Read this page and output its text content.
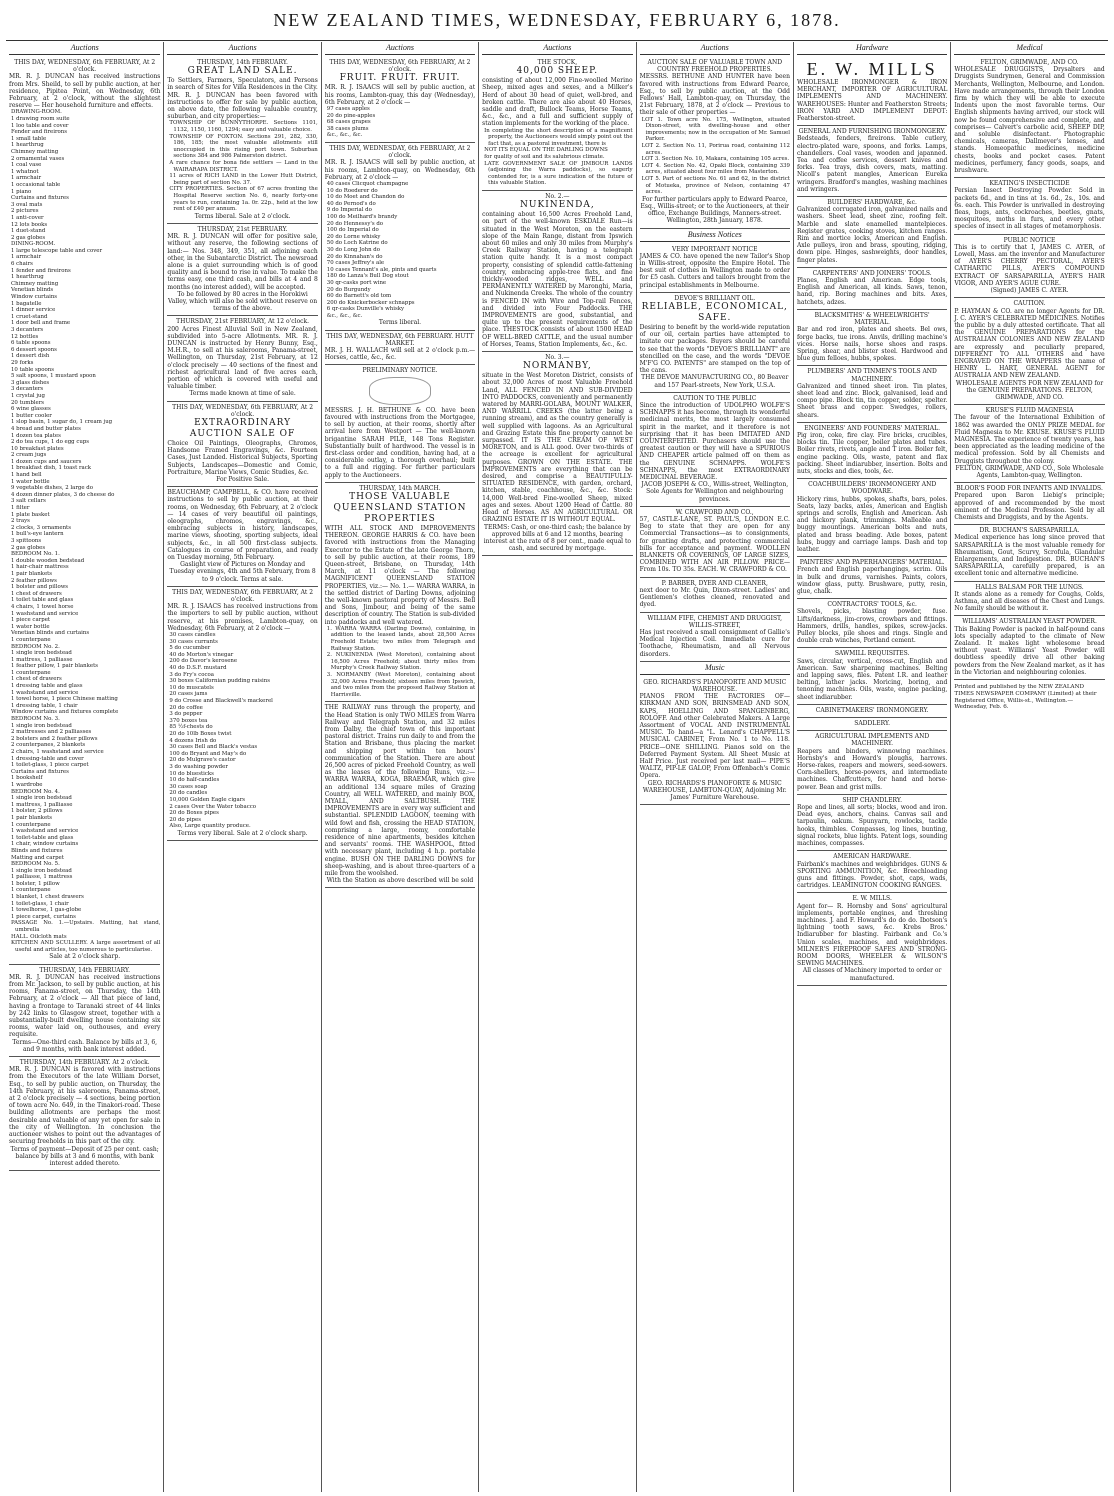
NEW ZEALAND TIMES, WEDNESDAY, FEBRUARY 6, 1878.
Auctions

THIS DAY, WEDNESDAY, 6th FEBRUARY, At 2 o'clock.

MR. R. J. DUNCAN has received instructions from Mrs. Sheild, to sell by public auction, at her residence, Pipitea Point, on Wednesday, 6th February, at 2 o'clock, without the slightest reserve — Her household furniture and effects.

DRAWING-ROOM.

1 drawing room suite

1 loo table and cover

Fender and fireirons

1 small table

1 hearthrug

Chimney matting

2 ornamental vases

1 coal vase

1 whatnot

1 armchair

1 occasional table

1 piano

Curtains and fixtures

3 oval mats

2 pictures

1 anti-cover

12 lots books

1 duet-stand

2 gas globes

DINING-ROOM.

1 large telescope table and cover

1 armchair

6 chairs

1 fender and fireirons

1 hearthrug

Chimney matting

Venetian blinds

Window curtains

1 bagatelle

1 dinner service

1 cruet-stand

1 door bell and frame

3 decanters

12 bottles

6 table spoons

6 dessert spoons

1 dessert dish

29 forks

10 table spoons

5 salt spoons, 1 mustard spoon

3 glass dishes

3 decanters

1 crystal jug

20 tumblers

6 wine glasses

1 butter cooler

1 slop basin, 1 sugar do, 1 cream jug

4 bread and butter plates

1 dozen tea plates

2 do tea cups, 1 do egg cups

10 breakfast plates

2 cream jugs

1 dozen cups and saucers

1 breakfast dish, 1 toast rack

1 hand bell

1 water bottle

9 vegetable dishes, 2 large do

4 dozen dinner plates, 3 do cheese do

3 salt cellars

1 filter

1 plate basket

2 trays

2 clocks, 3 ornaments

1 bull's-eye lantern

3 spittoons

2 gas globes

BEDROOM No. 1.

1 double wooden bedstead

1 hair-chair mattress

1 pair blankets

2 feather pillows

1 bolster and pillows

1 chest of drawers

1 toilet table and glass

4 chairs, 1 towel horse

1 washstand and service

1 piece carpet

1 water bottle

Venetian blinds and curtains

1 counterpane

BEDROOM No. 2.

1 single iron bedstead

1 mattress, 1 palliasse

1 feather pillow, 1 pair blankets

1 counterpane

1 chest of drawers

1 dressing table and glass

1 washstand and service

1 towel horse, 1 piece Chinese matting

1 dressing table, 1 chair

Window curtains and fixtures complete

BEDROOM No. 3.

1 single iron bedstead

2 mattresses and 2 palliasses

2 bolsters and 2 feather pillows

2 counterpanes, 2 blankets

2 chairs, 1 washstand and service

1 dressing-table and cover

1 toilet-glass, 1 piece carpet

Curtains and fixtures

1 bookshelf

1 wardrobe

BEDROOM No. 4.

1 single iron bedstead

1 mattress, 1 palliasse

1 bolster, 2 pillows

1 pair blankets

1 counterpane

1 washstand and service

1 toilet-table and glass

1 chair, window curtains

Blinds and fixtures

Matting and carpet

BEDROOM No. 5.

1 single iron bedstead

1 palliasse, 1 mattress

1 bolster, 1 pillow

1 counterpane

1 blanket, 1 chest drawers

1 toilet-glass, 1 chair

1 towelhorse, 1 gas-globe

1 piece carpet, curtains

PASSAGE No. 1.—Upstairs. Matting, hat stand, umbrella

HALL. Oilcloth mats

KITCHEN AND SCULLERY. A large assortment of all useful and articles, too numerous to particularise.

Sale at 2 o'clock sharp.

THURSDAY, 14th FEBRUARY.

MR. R. J. DUNCAN has received instructions from Mr. Jackson, to sell by public auction, at his rooms, Panama-street, on Thursday, the 14th February, at 2 o'clock — All that piece of land, having a frontage to Taranaki street of 44 links by 242 links to Glasgow street, together with a substantially-built dwelling house containing six rooms, water laid on, outhouses, and every requisite.

Terms—One-third cash. Balance by bills at 3, 6, and 9 months, with bank interest added.

THURSDAY, 14th FEBRUARY. At 2 o'clock.

MR. R. J. DUNCAN is favored with instructions from the Executors of the late William Dorset, Esq., to sell by public auction, on Thursday, the 14th February, at his salerooms, Panama-street, at 2 o'clock precisely — 4 sections, being portion of town acre No. 649, in the Tinakori-road. These building allotments are perhaps the most desirable and valuable of any yet open for sale in the city of Wellington. In conclusion the auctioneer wishes to point out the advantages of securing freeholds in this part of the city.

Terms of payment—Deposit of 25 per cent. cash; balance by bills at 3 and 6 months, with bank interest added thereto.

Auctions

THURSDAY, 14th FEBRUARY.

GREAT LAND SALE.

To Settlers, Farmers, Speculators, and Persons in search of Sites for Villa Residences in the City. MR. R. J. DUNCAN has been favored with instructions to offer for sale by public auction, on above date, the following valuable country, suburban, and city properties:—

TOWNSHIP OF BUNNYTHORPE. Sections 1101, 1132, 1150, 1160, 1294; easy and valuable choice.

TOWNSHIP OF FOXTON. Sections 291, 282, 330, 186, 185; the most valuable allotments still unoccupied in this rising port town. Suburban sections 384 and 986 Palmerston district.

A rare chance for bona fide settlers — Land in the WAIRARAPA DISTRICT.

11 acres of RICH LAND in the Lower Hutt District, being part of section No. 37.

CITY PROPERTIES. Section of 67 acres fronting the Hospital Reserve section No. 6, nearly forty-one years to run, containing 1a. 0r. 22p., held at the low rent of £40 per annum.

Terms liberal. Sale at 2 o'clock.

THURSDAY, 21st FEBRUARY.

MR. R. J. DUNCAN will offer for positive sale, without any reserve, the following sections of land:— Nos. 348, 349, 351, all adjoining each other, in the Subantarctic District. The newsroad alone is a quiet surrounding which is of good quality and is bound to rise in value. To make the terms easy, one third cash, and bills at 4 and 8 months (no interest added), will be accepted.

To be followed by 80 acres in the Horokiwi Valley, which will also be sold without reserve on terms of the above.

THURSDAY, 21st FEBRUARY, At 12 o'clock.

200 Acres Finest Alluvial Soil in New Zealand, subdivided into 5-acre Allotments. MR. R. J. DUNCAN is instructed by Henry Bunny, Esq., M.H.R., to sell at his salerooms, Panama-street, Wellington, on Thursday, 21st February, at 12 o'clock precisely — 40 sections of the finest and richest agricultural land of five acres each, portion of which is covered with useful and valuable timber.

Terms made known at time of sale.

THIS DAY, WEDNESDAY, 6th FEBRUARY, At 2 o'clock.

EXTRAORDINARY AUCTION SALE OF

Choice Oil Paintings, Oleographs, Chromos, Handsome Framed Engravings, &c. Fourteen Cases, Just Landed. Historical Subjects, Sporting Subjects, Landscapes—Domestic and Comic, Portraiture, Marine Views, Comic Studies, &c.

For Positive Sale.

BEAUCHAMP, CAMPBELL, & CO. have received instructions to sell by public auction, at their rooms, on Wednesday, 6th February, at 2 o'clock — 14 cases of very beautiful oil paintings, oleographs, chromos, engravings, &c., embracing subjects in history, landscapes, marine views, shooting, sporting subjects, ideal subjects, &c., in all 500 first-class subjects. Catalogues in course of preparation, and ready on Tuesday morning, 5th February.

Gaslight view of Pictures on Monday and Tuesday evenings, 4th and 5th February, from 8 to 9 o'clock. Terms at sale.

THIS DAY, WEDNESDAY, 6th FEBRUARY, At 2 o'clock.

MR. R. J. ISAACS has received instructions from the importers to sell by public auction, without reserve, at his premises, Lambton-quay, on Wednesday, 6th February, at 2 o'clock —

30 cases candles

30 cases currants

5 do cucumber

40 do Morton's vinegar

200 do Davor's kerosene

40 do D.S.F. mustard

3 do Fry's cocoa

30 boxes Californian pudding raisins

10 do muscatels

20 cases jams

9 do Crosse and Blackwell's mackerel

20 do coffee

3 do pepper

370 boxes tea

85 ½f-chests do

20 do 10lb Boxes twist

4 dozens Irish do

30 cases Bell and Black's vestas

100 do Bryant and May's do

20 do Mulgrave's castor

3 do washing powder

10 do bluesticks

10 do half-candles

30 cases soap

20 do candles

10,000 Golden Eagle cigars

2 cases Over the Water tobacco

20 do Boxes pipes

20 do pipes

Also, Large quantity produce.

Terms very liberal. Sale at 2 o'clock sharp.

Auctions

THIS DAY, WEDNESDAY, 6th FEBRUARY, At 2 o'clock.

FRUIT. FRUIT. FRUIT.

MR. R. J. ISAACS will sell by public auction, at his rooms, Lambton-quay, this day (Wednesday), 6th February, at 2 o'clock —

97 cases apples

20 do pine-apples

68 cases grapes

38 cases plums

&c., &c., &c.

THIS DAY, WEDNESDAY, 6th FEBRUARY, At 2 o'clock.

MR. R. J. ISAACS will sell by public auction, at his rooms, Lambton-quay, on Wednesday, 6th February, at 2 o'clock —

40 cases Clicquot champagne

10 do Roederer do

10 do Moet and Chandon do

40 do Pernod's do

9 do Imperial do

100 do Meilhard's brandy

20 do Hennessy's do

100 do Imperial do

20 do Lorne whisky

50 do Loch Katrine do

30 do Long John do

20 do Kinnahan's do

70 cases Jeffrey's ale

10 cases Tennant's ale, pints and quarts

180 do Lanza's Bull Dog stout

30 qr-casks port wine

20 do Burgundy

60 do Barnett's old tom

200 do Knickerbocker schnapps

6 qr-casks Dunville's whisky

&c., &c., &c.

Terms liberal.

THIS DAY, WEDNESDAY, 6th FEBRUARY. HUTT MARKET.

MR. J. H. WALLACH will sell at 2 o'clock p.m.—Horses, cattle, &c., &c.

PRELIMINARY NOTICE.

MESSRS. J. H. BETHUNE & CO. have been favoured with instructions from the Mortgagee, to sell by auction, at their rooms, shortly after arrival here from Westport — The well-known brigantine SARAH PILE, 148 Tons Register. Substantially built of hardwood. The vessel is in first-class order and condition, having had, at a considerable outlay, a thorough overhaul; built to a full and rigging. For further particulars apply to the Auctioneers.

THURSDAY, 14th MARCH.

THOSE VALUABLE QUEENSLAND STATION PROPERTIES

WITH ALL STOCK AND IMPROVEMENTS THEREON. GEORGE HARRIS & CO. have been favored with instructions from the Managing Executor to the Estate of the late George Thorn, to sell by public auction, at their rooms, 189 Queen-street, Brisbane, on Thursday, 14th March, at 11 o'clock — The following MAGNIFICENT QUEENSLAND STATION PROPERTIES, viz.:— No. 1.— WARRA WARRA, in the settled district of Darling Downs, adjoining the well-known pastoral property of Messrs. Bell and Sons, Jimbour, and being of the same description of country. The Station is sub-divided into paddocks and well watered.

1. WARRA WARRA (Darling Downs), containing, in addition to the leased lands, about 28,500 Acres Freehold Estate; two miles from Telegraph and Railway Station.

2. NUKINENDA (West Moreton), containing about 16,500 Acres Freehold; about thirty miles from Murphy's Creek Railway Station.

3. NORMANBY (West Moreton), containing about 32,000 Acres Freehold; sixteen miles from Ipswich, and two miles from the proposed Railway Station at Harrisville.

THE RAILWAY runs through the property, and the Head Station is only TWO MILES from Warra Railway and Telegraph Station, and 32 miles from Dalby, the chief town of this important pastoral district. Trains run daily to and from the Station and Brisbane, thus placing the market and shipping port within ten hours' communication of the Station. There are about 26,500 acres of picked Freehold Country, as well as the leases of the following Runs, viz.:— WARRA WARRA, KOGA, BRAEMAR, which give an additional 134 square miles of Grazing Country, all WELL WATERED, and mainly BOX, MYALL, AND SALTBUSH. THE IMPROVEMENTS are in every way sufficient and substantial. SPLENDID LAGOON, teeming with wild fowl and fish, crossing the HEAD STATION, comprising a large, roomy, comfortable residence of nine apartments, besides kitchen and servants' rooms. THE WASHPOOL, fitted with necessary plant, including 4 h.p. portable engine. BUSH ON THE DARLING DOWNS for sheep-washing, and is about three-quarters of a mile from the woolshed.

With the Station as above described will be sold

Auctions

THE STOCK,

40,000 SHEEP.

consisting of about 12,000 Fine-woolled Merino Sheep, mixed ages and sexes, and a Milker's Herd of about 30 head of quiet, well-bred, and broken cattle. There are also about 40 Horses, saddle and draft, Bullock Teams, Horse Teams, &c., &c., and a full and sufficient supply of station implements for the working of the place.

In completing the short description of a magnificent property, the Auctioneers would simply point out the fact that, as a pastoral investment, there is

NOT ITS EQUAL ON THE DARLING DOWNS

for quality of soil and its salubrious climate.

LATE GOVERNMENT SALE OF JIMBOUR LANDS (adjoining the Warra paddocks), so eagerly contended for, is a sure indication of the future of this valuable Station.

No. 2.—

NUKINENDA,

containing about 16,500 Acres Freehold Land, on part of the well-known ESKDALE Run—is situated in the West Moreton, on the eastern slope of the Main Range, distant from Ipswich about 60 miles and only 30 miles from Murphy's Creek Railway Station, having a telegraph station quite handy. It is a most compact property, consisting of splendid cattle-fattening country, embracing apple-tree flats, and fine thickly-wooded ridges, WELL and PERMANENTLY WATERED by Maronghi, Maria, and Nukinenda Creeks. The whole of the country is FENCED IN with Wire and Top-rail Fences, and divided into Four Paddocks. THE IMPROVEMENTS are good, substantial, and quite up to the present requirements of the place. THESTOCK consists of about 1500 HEAD OF WELL-BRED CATTLE, and the usual number of Horses, Teams, Station Implements, &c., &c.

No. 3.—

NORMANBY,

situate in the West Moreton District, consists of about 32,000 Acres of most Valuable Freehold Land, ALL FENCED IN AND SUB-DIVIDED INTO PADDOCKS, conveniently and permanently watered by MARRI-GOLABA, MOUNT WALKER, AND WARRILL CREEKS (the latter being a running stream), and as the country generally is well supplied with lagoons. As an Agricultural and Grazing Estate this fine property cannot be surpassed. IT IS THE CREAM OF WEST MORETON, and is ALL good. Over two-thirds of the acreage is excellent for agricultural purposes. GROWN ON THE ESTATE. THE IMPROVEMENTS are everything that can be desired, and comprise a BEAUTIFULLY-SITUATED RESIDENCE, with garden, orchard, kitchen, stable, coachhouse, &c., &c. Stock: 14,000 Well-bred Fine-woolled Sheep, mixed ages and sexes. About 1200 Head of Cattle. 80 Head of Horses. AS AN AGRICULTURAL OR GRAZING ESTATE IT IS WITHOUT EQUAL.

TERMS: Cash, or one-third cash; the balance by approved bills at 6 and 12 months, bearing interest at the rate of 8 per cent., made equal to cash, and secured by mortgage.

Auctions

AUCTION SALE OF VALUABLE TOWN AND COUNTRY FREEHOLD PROPERTIES.

MESSRS. BETHUNE AND HUNTER have been favored with instructions from Edward Pearce, Esq., to sell by public auction, at the Odd Fellows' Hall, Lambton-quay, on Thursday, the 21st February, 1878, at 2 o'clock — Previous to their sale of other properties —

LOT 1. Town acre No. 175, Wellington, situated Dixon-street, with dwelling-house and other improvements; now in the occupation of Mr. Samuel Parker.

LOT 2. Section No. 11, Porirua road, containing 112 acres.

LOT 3. Section No. 10, Makara, containing 105 acres.

LOT 4. Section No. 42, Opaki Block, containing 339 acres, situated about four miles from Masterton.

LOT 5. Part of sections No. 61 and 62, in the district of Motueka, province of Nelson, containing 47 acres.

For further particulars apply to Edward Pearce, Esq., Willis-street; or to the Auctioneers, at their office, Exchange Buildings, Manners-street. Wellington, 28th January, 1878.

Business Notices

VERY IMPORTANT NOTICE

JAMES & CO. have opened the new Tailor's Shop in Willis-street, opposite the Empire Hotel. The best suit of clothes in Wellington made to order for £5 cash. Cutters and tailors brought from the principal establishments in Melbourne.

DEVOE'S BRILLIANT OIL.

RELIABLE, ECONOMICAL, SAFE.

Desiring to benefit by the world-wide reputation of our oil, certain parties have attempted to imitate our packages. Buyers should be careful to see that the words "DEVOE'S BRILLIANT" are stencilled on the case, and the words "DEVOE M'F'G CO. PATENTS" are stamped on the top of the cans.

THE DEVOE MANUFACTURING CO., 80 Beaver and 157 Pearl-streets, New York, U.S.A.

CAUTION TO THE PUBLIC

Since the introduction of UDOLPHO WOLFE'S SCHNAPPS it has become, through its wonderful medicinal merits, the most largely consumed spirit in the market, and it therefore is not surprising that it has been IMITATED AND COUNTERFEITED. Purchasers should use the greatest caution or they will have a SPURIOUS AND CHEAPER article palmed off on them as the GENUINE SCHNAPPS. WOLFE'S SCHNAPPS, the most EXTRAORDINARY MEDICINAL BEVERAGE.

JACOB JOSEPH & CO., Willis-street, Wellington, Sole Agents for Wellington and neighbouring provinces.

W. CRAWFORD AND CO.,

57, CASTLE-LANE, ST. PAUL'S, LONDON E.C. Beg to state that they are open for any Commercial Transactions—as to consignments, for granting drafts, and protecting commercial bills for acceptance and payment. WOOLLEN BLANKETS OR COVERINGS, OF LARGE SIZES, COMBINED WITH AN AIR PILLOW. PRICE—From 10s. TO 35s. EACH. W. CRAWFORD & CO.

P. BARBER, DYER AND CLEANER,

next door to Mr. Quin, Dixon-street. Ladies' and Gentlemen's clothes cleaned, renovated and dyed.

WILLIAM FIFE, CHEMIST AND DRUGGIST, WILLIS-STREET,

Has just received a small consignment of Gallie's Medical Injection Coil. Immediate cure for Toothache, Rheumatism, and all Nervous disorders.

Music

GEO. RICHARDS'S PIANOFORTE AND MUSIC WAREHOUSE.

PIANOS FROM THE FACTORIES OF— KIRKMAN AND SON, BRINSMEAD AND SON, KAPS, HOELLING AND SPANGENBERG, ROLOFF. And other Celebrated Makers. A Large Assortment of VOCAL AND INSTRUMENTAL MUSIC. To hand—a "L. Lenard's CHAPPELL'S MUSICAL CABINET, From No. 1 to No. 118. PRICE—ONE SHILLING. Pianos sold on the Deferred Payment System. All Sheet Music at Half Price. Just received per last mail— PIPE'S WALTZ, PIP-LE GALOP, From Offenbach's Comic Opera.

GEO. RICHARDS'S PIANOFORTE & MUSIC WAREHOUSE, LAMBTON-QUAY, Adjoining Mr. James' Furniture Warehouse.

Hardware

E. W. MILLS

WHOLESALE IRONMONGER & IRON MERCHANT, IMPORTER OF AGRICULTURAL IMPLEMENTS AND MACHINERY. WAREHOUSES: Hunter and Featherston Streets; IRON YARD AND IMPLEMENT DEPOT: Featherston-street.

GENERAL AND FURNISHING IRONMONGERY.

Bedsteads, fenders, fireirons. Table cutlery, electro-plated ware, spoons, and forks. Lamps, chandeliers. Coal vases, wooden and japanned. Tea and coffee services, dessert knives and forks. Tea trays, dish covers, mats, matting. Nicoll's patent mangles, American Eureka wringers. Bradford's mangles, washing machines and wringers.

BUILDERS' HARDWARE, &c.

Galvanized corrugated iron, galvanized nails and washers. Sheet lead, sheet zinc, roofing felt. Marble and slate enamelled mantelpieces. Register grates, cooking stoves, kitchen ranges. Rim and mortice locks, American and English. Axle pulleys, iron and brass, spouting, ridging, down pipe. Hinges, sashweights, door handles, finger plates.

CARPENTERS' AND JOINERS' TOOLS.

Planes, English and American. Edge tools, English and American, all kinds. Saws, tenon, hand, rip. Boring machines and bits. Axes, hatchets, adzes.

BLACKSMITHS' & WHEELWRIGHTS' MATERIAL.

Bar and rod iron, plates and sheets. Bel ows, forge backs, tue irons. Anvils, drilling machine's vices. Horse nails, horse shoes and rasps. Spring, shear, and blister steel. Hardwood and blue gum felloes, hubbs, spokes.

PLUMBERS' AND TINMEN'S TOOLS AND MACHINERY.

Galvanized and tinned sheet iron. Tin plates, sheet lead and zinc. Block, galvanised, lead and compo pipe. Block tin, tin copper, solder, spelter. Sheet brass and copper. Swedges, rollers, shears.

ENGINEERS' AND FOUNDERS' MATERIAL.

Pig iron, coke, fire clay. Fire bricks, crucibles, blocks tin. Tile copper, boiler plates and tubes. Boiler rivets, rivets, angle and T iron. Boiler felt, engine packing. Oils, waste, patent and flax packing. Sheet indiarubber, insertion. Bolts and nuts, stocks and dies, tools, &c.

COACHBUILDERS' IRONMONGERY AND WOODWARE.

Hickory rims, hubbs, spokes, shafts, bars, poles. Seats, lazy backs, axles, American and English springs and scrolls, English and American. Ash and hickory plank, trimmings. Malleable and buggy mountings. American bolts and nuts, plated and brass beading. Axle boxes, patent hubs, buggy and carriage lamps. Dash and top leather.

PAINTERS' AND PAPERHANGERS' MATERIAL.

French and English paperhangings, scrim. Oils in bulk and drums, varnishes. Paints, colors, window glass, putty. Brushware, putty, resin, glue, chalk.

CONTRACTORS' TOOLS, &c.

Shovels, picks, blasting powder, fuse. Lifts/darkness, jim-crows, crowbars and fittings. Hammers, drills, handles, spikes, screw-jacks. Pulley blocks, pile shoes and rings. Single and double crab winches, Portland cement.

SAWMILL REQUISITES.

Saws, circular, vertical, cross-cut, English and American. Saw sharpening machines. Belting and lapping saws, files. Patent I.R. and leather belting, lather jacks. Moricing, boring, and tenoning machines. Oils, waste, engine packing, sheet indiarubber.

CABINETMAKERS' IRONMONGERY.

SADDLERY.

AGRICULTURAL IMPLEMENTS AND MACHINERY.

Reapers and binders, winnowing machines. Hornsby's and Howard's ploughs, harrows. Horse-rakes, reapers and mowers, seed-sowers. Corn-shellers, horse-powers, and intermediate machines. Chaffcutters, for hand and horse-power. Bean and grist mills.

SHIP CHANDLERY.

Rope and lines, all sorts; blocks, wood and iron. Dead eyes, anchors, chains. Canvas sail and tarpaulin, oakum. Spunyarn, rowlocks, tackle hooks, thimbles. Compasses, log lines, bunting, signal rockets, blue lights. Patent logs, sounding machines, compasses.

AMERICAN HARDWARE.

Fairbank's machines and weighbridges. GUNS & SPORTING AMMUNITION, &c. Breechloading guns and fittings. Powder, shot, caps, wads, cartridges. LEAMINGTON COOKING RANGES.

E. W. MILLS.

Agent for— R. Hornsby and Sons' agricultural implements, portable engines, and threshing machines. J. and F. Howard's do do do. Ibotson's lightning tooth saws, &c. Krebs Bros.' Indiarubber for blasting. Fairbank and Co.'s Union scales, machines, and weighbridges. MILNER'S FIREPROOF SAFES AND STRONG-ROOM DOORS, WHEELER & WILSON'S SEWING MACHINES.

All classes of Machinery imported to order or manufactured.

Medical

FELTON, GRIMWADE, AND CO.

WHOLESALE DRUGGISTS, Drysalters and Druggists Sundrymen, General and Commission Merchants, Wellington, Melbourne, and London. Have made arrangements, through their London firm by which they will be able to execute Indents upon the most favorable terms. Our English shipments having arrived, our stock will now be found comprehensive and complete, and comprises— Calvert's carbolic acid, SHEEP DIP, and soluble disinfectant. Photographic chemicals, cameras, Dallmeyer's lenses, and stands. Homeopathic medicines, medicine chests, books and pocket cases. Patent medicines, perfumery, fancy goods, soaps, and brushware.

KEATING'S INSECTICIDE

Persian Insect Destroying Powder. Sold in packets 6d., and in tins at 1s. 6d., 2s., 10s. and 6s. each. This Powder is unrivalled in destroying fleas, bugs, ants, cockroaches, beetles, gnats, mosquitoes, moths in furs, and every other species of insect in all stages of metamorphosis.

PUBLIC NOTICE

This is to certify that I, JAMES C. AYER, of Lowell, Mass. am the inventor and Manufacturer of AYER'S CHERRY PECTORAL, AYER'S CATHARTIC PILLS, AYER'S COMPOUND EXTRACT OF SARSAPARILLA, AYER'S HAIR VIGOR, AND AYER'S AGUE CURE.

(Signed) JAMES C. AYER.

CAUTION.

P. HAYMAN & CO. are no longer Agents for DR. J. C. AYER'S CELEBRATED MEDICINES. Notifies the public by a duly attested certificate. That all the GENUINE PREPARATIONS for the AUSTRALIAN COLONIES AND NEW ZEALAND are expressly and peculiarly prepared, DIFFERENT TO ALL OTHERS and have ENGRAVED ON THE WRAPPERS the name of HENRY L. HART, GENERAL AGENT for AUSTRALIA AND NEW ZEALAND.

WHOLESALE AGENTS FOR NEW ZEALAND for the GENUINE PREPARATIONS. FELTON, GRIMWADE, AND CO.

KRUSE'S FLUID MAGNESIA

The favour of the International Exhibition of 1862 was awarded the ONLY PRIZE MEDAL for Fluid Magnesia to Mr. KRUSE. KRUSE'S FLUID MAGNESIA. The experience of twenty years, has been appreciated as the leading medicine of the medical profession. Sold by all Chemists and Druggists throughout the colony.

FELTON, GRIMWADE, AND CO., Sole Wholesale Agents, Lambton-quay, Wellington.

BLOOR'S FOOD FOR INFANTS AND INVALIDS.

Prepared upon Baron Liebig's principle; approved of and recommended by the most eminent of the Medical Profession. Sold by all Chemists and Druggists, and by the Agents.

DR. BUCHAN'S SARSAPARILLA.

Medical experience has long since proved that SARSAPARILLA is the most valuable remedy for Rheumatism, Gout, Scurvy, Scrofula, Glandular Enlargements, and Indigestion. DR. BUCHAN'S SARSAPARILLA, carefully prepared, is an excellent tonic and alternative medicine.

HALLS BALSAM FOR THE LUNGS.

It stands alone as a remedy for Coughs, Colds, Asthma, and all diseases of the Chest and Lungs. No family should be without it.

WILLIAMS' AUSTRALIAN YEAST POWDER.

This Baking Powder is packed in half-pound cans lots specially adapted to the climate of New Zealand. It makes light wholesome bread without yeast. Williams' Yeast Powder will doubtless speedily drive all other baking powders from the New Zealand market, as it has in the Victorian and neighbouring colonies.

Printed and published by the NEW ZEALAND TIMES NEWSPAPER COMPANY (Limited) at their Registered Office, Willis-st., Wellington.—Wednesday, Feb. 6.
